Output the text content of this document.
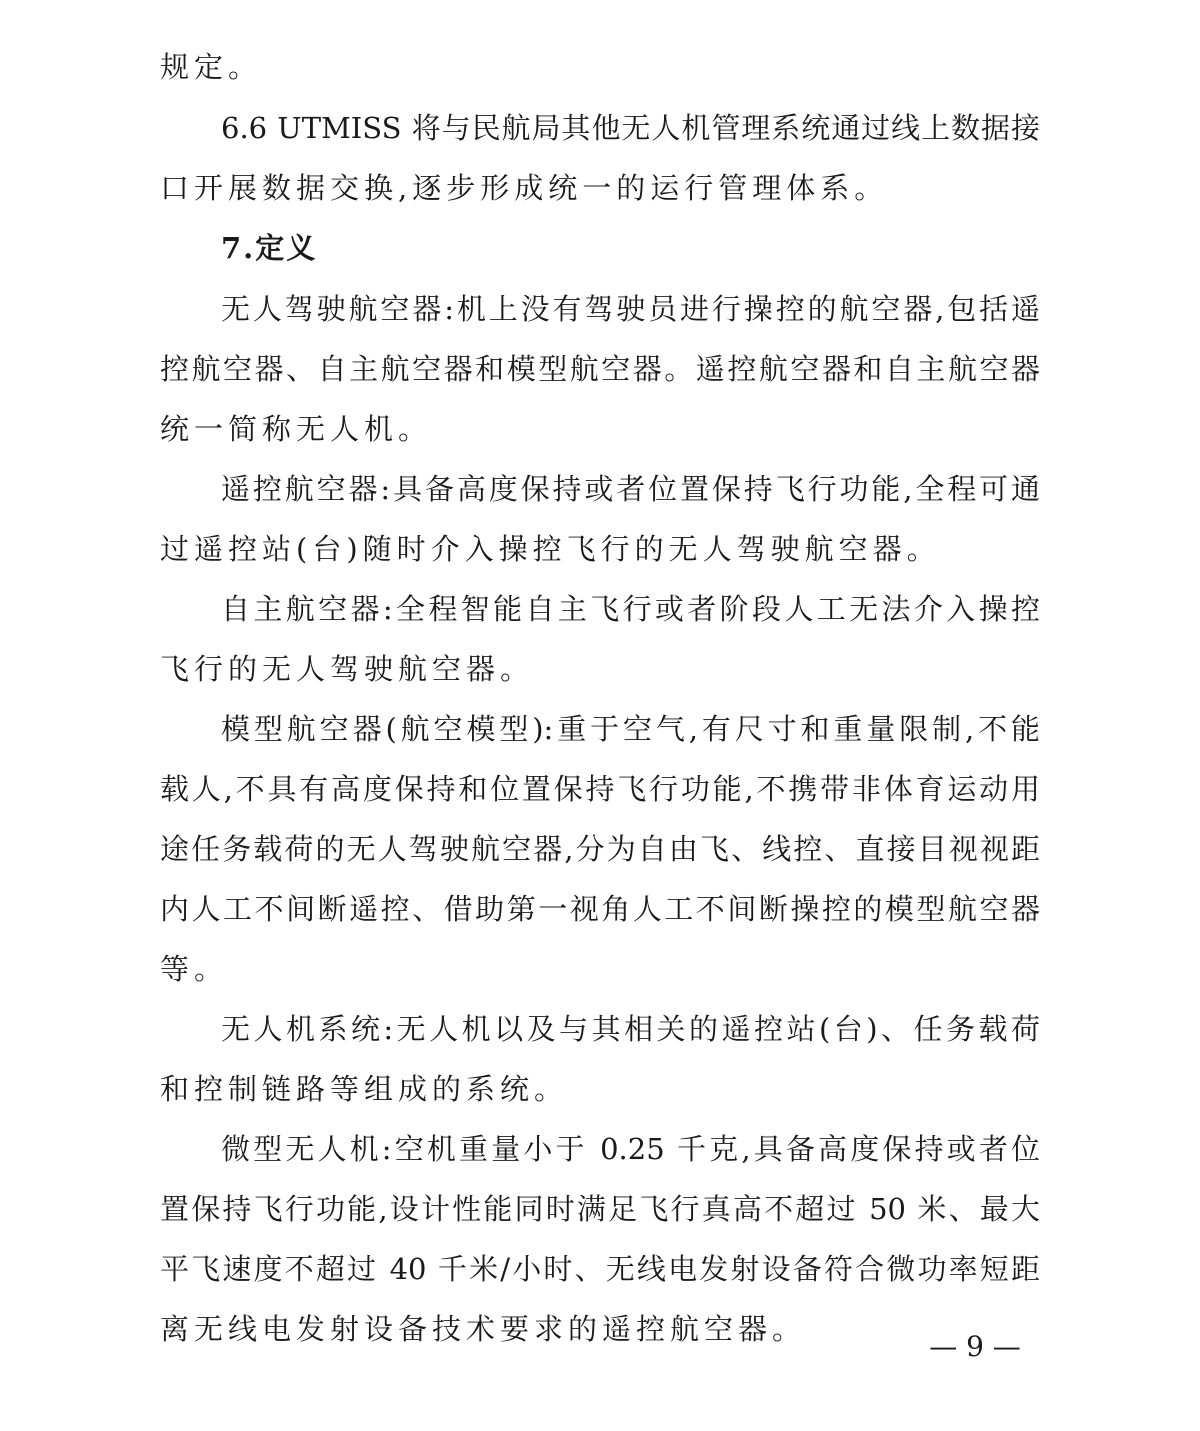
规定。
6.6 UTMISS 将与民航局其他无人机管理系统通过线上数据接
口开展数据交换,逐步形成统一的运行管理体系。
7.定义
无人驾驶航空器:机上没有驾驶员进行操控的航空器,包括遥
控航空器、自主航空器和模型航空器。遥控航空器和自主航空器
统一简称无人机。
遥控航空器:具备高度保持或者位置保持飞行功能,全程可通
过遥控站(台)随时介入操控飞行的无人驾驶航空器。
自主航空器:全程智能自主飞行或者阶段人工无法介入操控
飞行的无人驾驶航空器。
模型航空器(航空模型):重于空气,有尺寸和重量限制,不能
载人,不具有高度保持和位置保持飞行功能,不携带非体育运动用
途任务载荷的无人驾驶航空器,分为自由飞、线控、直接目视视距
内人工不间断遥控、借助第一视角人工不间断操控的模型航空器
等。
无人机系统:无人机以及与其相关的遥控站(台)、任务载荷
和控制链路等组成的系统。
微型无人机:空机重量小于 0.25 千克,具备高度保持或者位
置保持飞行功能,设计性能同时满足飞行真高不超过 50 米、最大
平飞速度不超过 40 千米/小时、无线电发射设备符合微功率短距
离无线电发射设备技术要求的遥控航空器。
— 9 —
